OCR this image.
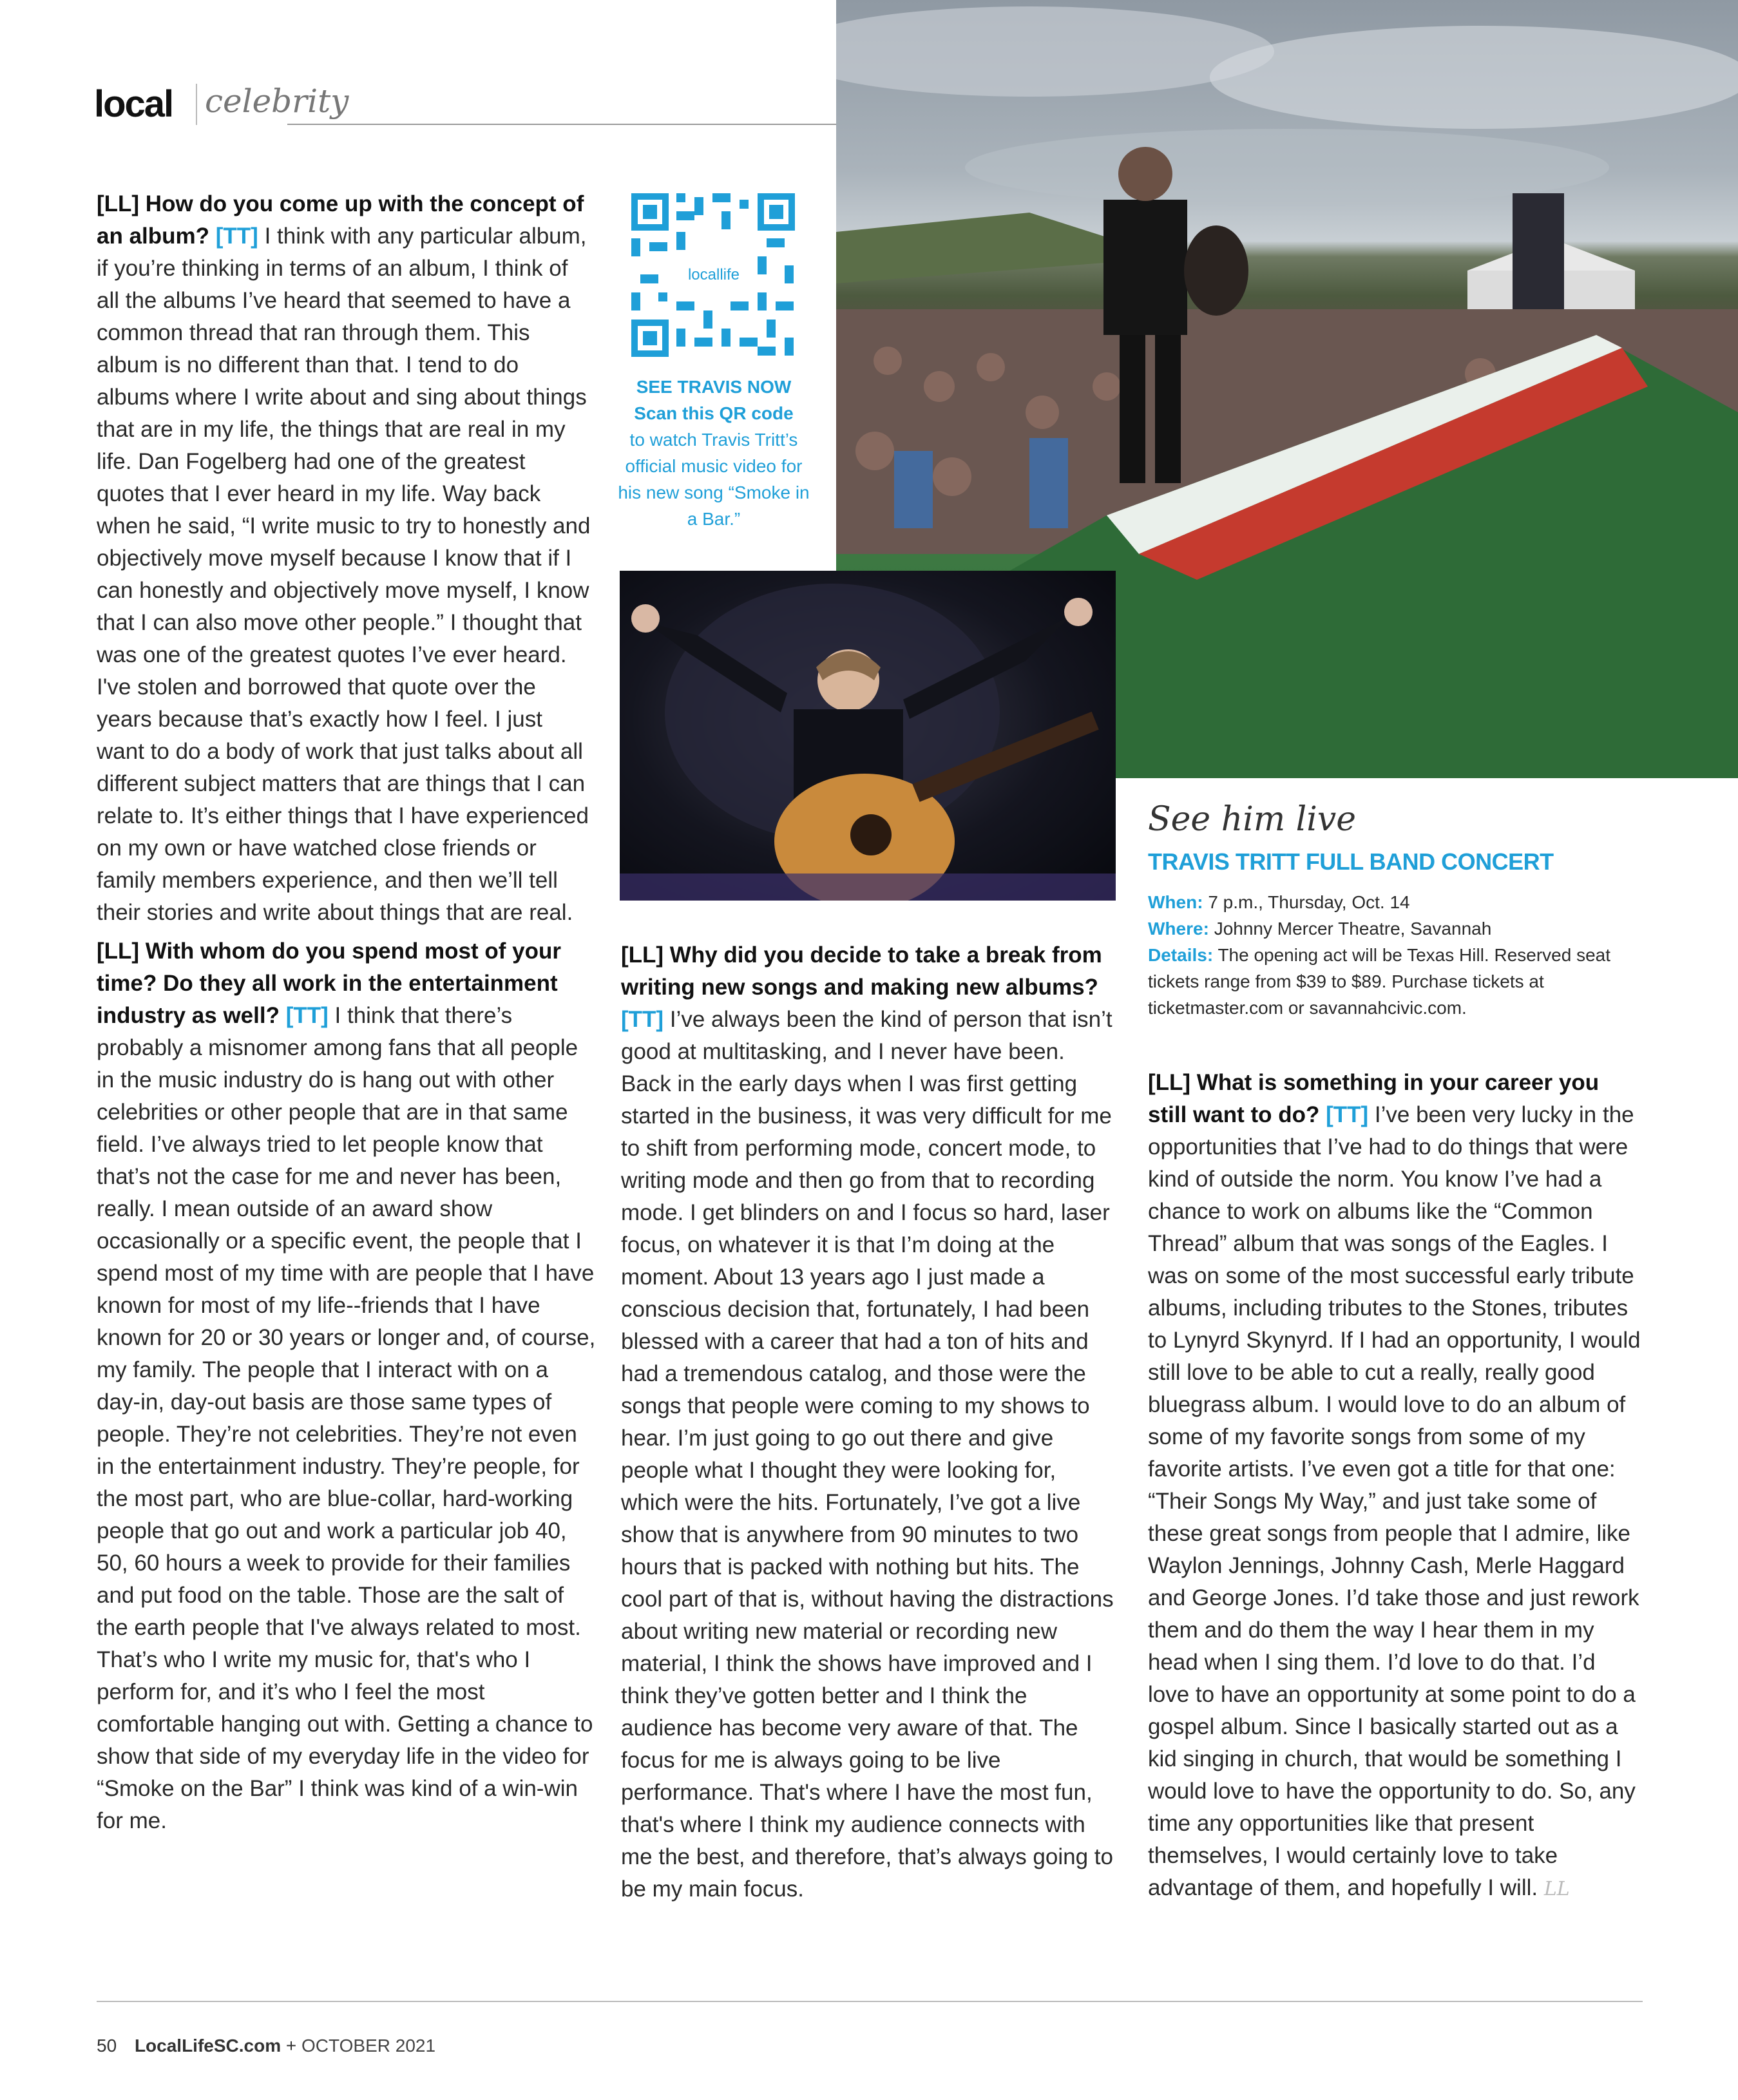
local celebrity
locallife
SEE TRAVIS NOW
Scan this QR code
to watch Travis Tritt’s official music video for his new song “Smoke in a Bar.”

[LL] How do you come up with the concept of an album? [TT] I think with any particular album, if you’re thinking in terms of an album, I think of all the albums I’ve heard that seemed to have a common thread that ran through them. This album is no different than that. I tend to do albums where I write about and sing about things that are in my life, the things that are real in my life. Dan Fogelberg had one of the greatest quotes that I ever heard in my life. Way back when he said, “I write music to try to honestly and objectively move myself because I know that if I can honestly and objectively move myself, I know that I can also move other people.” I thought that was one of the greatest quotes I’ve ever heard. I've stolen and borrowed that quote over the years because that’s exactly how I feel. I just want to do a body of work that just talks about all different subject matters that are things that I can relate to. It’s either things that I have experienced on my own or have watched close friends or family members experience, and then we’ll tell their stories and write about things that are real.

[LL] With whom do you spend most of your time? Do they all work in the entertainment industry as well? [TT] I think that there’s probably a misnomer among fans that all people in the music industry do is hang out with other celebrities or other people that are in that same field. I’ve always tried to let people know that that’s not the case for me and never has been, really. I mean outside of an award show occasionally or a specific event, the people that I spend most of my time with are people that I have known for most of my life--friends that I have known for 20 or 30 years or longer and, of course, my family. The people that I interact with on a day-in, day-out basis are those same types of people. They’re not celebrities. They’re not even in the entertainment industry. They’re people, for the most part, who are blue-collar, hard-working people that go out and work a particular job 40, 50, 60 hours a week to provide for their families and put food on the table. Those are the salt of the earth people that I've always related to most. That’s who I write my music for, that's who I perform for, and it’s who I feel the most comfortable hanging out with. Getting a chance to show that side of my everyday life in the video for “Smoke on the Bar” I think was kind of a win-win for me.

[LL] Why did you decide to take a break from writing new songs and making new albums? [TT] I’ve always been the kind of person that isn’t good at multitasking, and I never have been. Back in the early days when I was first getting started in the business, it was very difficult for me to shift from performing mode, concert mode, to writing mode and then go from that to recording mode. I get blinders on and I focus so hard, laser focus, on whatever it is that I’m doing at the moment. About 13 years ago I just made a conscious decision that, fortunately, I had been blessed with a career that had a ton of hits and had a tremendous catalog, and those were the songs that people were coming to my shows to hear. I’m just going to go out there and give people what I thought they were looking for, which were the hits. Fortunately, I’ve got a live show that is anywhere from 90 minutes to two hours that is packed with nothing but hits. The cool part of that is, without having the distractions about writing new material or recording new material, I think the shows have improved and I think they’ve gotten better and I think the audience has become very aware of that. The focus for me is always going to be live performance. That's where I have the most fun, that's where I think my audience connects with me the best, and therefore, that’s always going to be my main focus.

See him live
TRAVIS TRITT FULL BAND CONCERT
When: 7 p.m., Thursday, Oct. 14
Where: Johnny Mercer Theatre, Savannah
Details: The opening act will be Texas Hill. Reserved seat tickets range from $39 to $89. Purchase tickets at ticketmaster.com or savannahcivic.com.

[LL] What is something in your career you still want to do? [TT] I’ve been very lucky in the opportunities that I’ve had to do things that were kind of outside the norm. You know I’ve had a chance to work on albums like the “Common Thread” album that was songs of the Eagles. I was on some of the most successful early tribute albums, including tributes to the Stones, tributes to Lynyrd Skynyrd. If I had an opportunity, I would still love to be able to cut a really, really good bluegrass album. I would love to do an album of some of my favorite songs from some of my favorite artists. I’ve even got a title for that one: “Their Songs My Way,” and just take some of these great songs from people that I admire, like Waylon Jennings, Johnny Cash, Merle Haggard and George Jones. I’d take those and just rework them and do them the way I hear them in my head when I sing them. I’d love to do that. I’d love to have an opportunity at some point to do a gospel album. Since I basically started out as a kid singing in church, that would be something I would love to have the opportunity to do. So, any time any opportunities like that present themselves, I would certainly love to take advantage of them, and hopefully I will. LL

50 LocalLifeSC.com + OCTOBER 2021
